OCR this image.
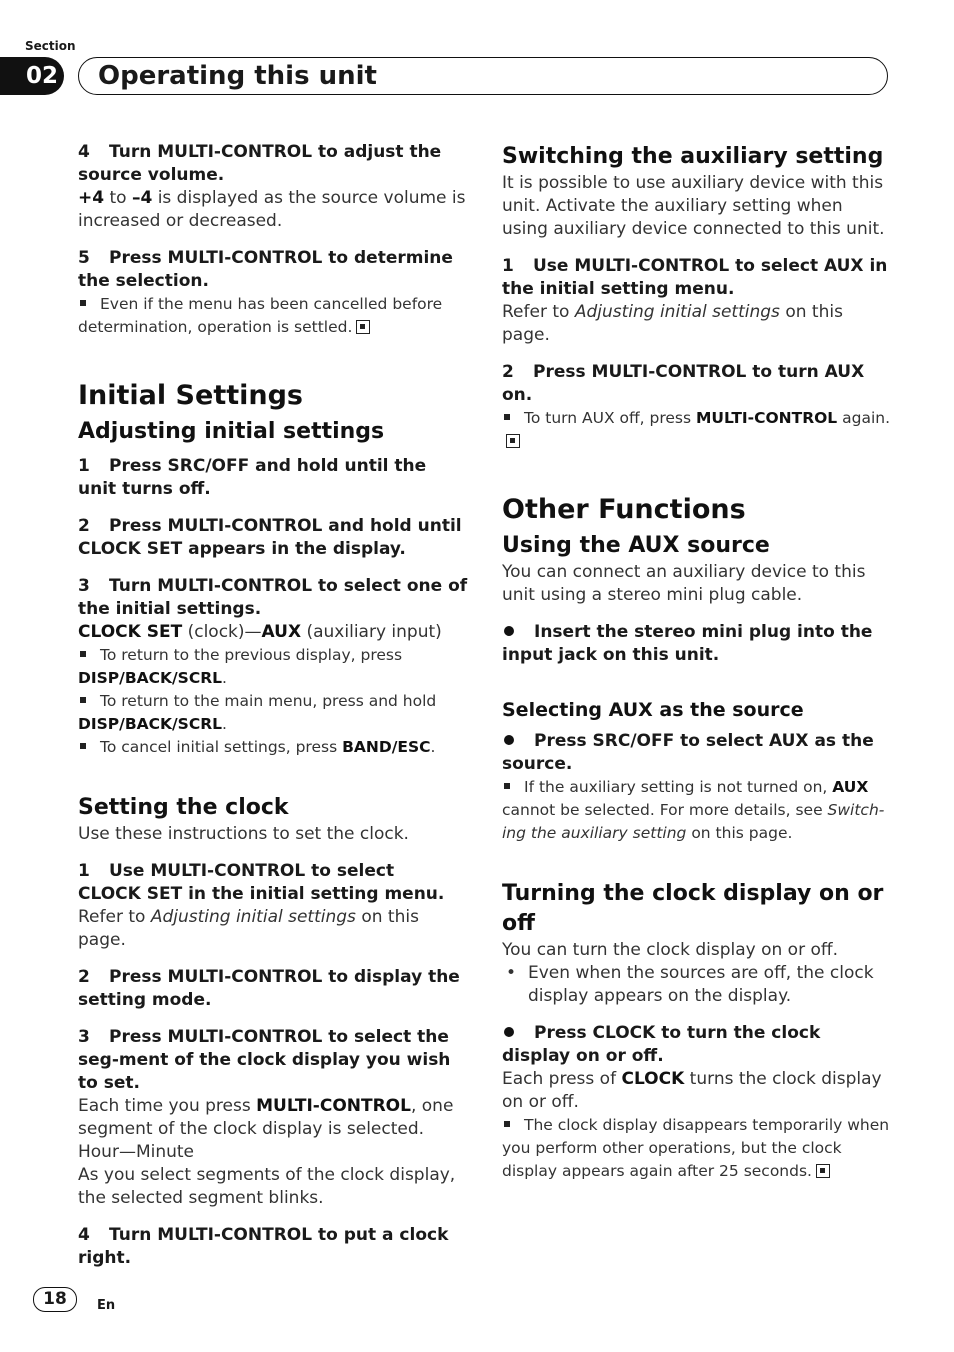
Section
02 Operating this unit

4 Turn MULTI-CONTROL to adjust the source volume.

+4 to –4 is displayed as the source volume is increased or decreased.

5 Press MULTI-CONTROL to determine the selection.

Even if the menu has been cancelled before determination, operation is settled.

Initial Settings
Adjusting initial settings

1 Press SRC/OFF and hold until the unit turns off.

2 Press MULTI-CONTROL and hold until CLOCK SET appears in the display.

3 Turn MULTI-CONTROL to select one of the initial settings.

CLOCK SET (clock)—AUX (auxiliary input)

To return to the previous display, press DISP/BACK/SCRL.

To return to the main menu, press and hold DISP/BACK/SCRL.

To cancel initial settings, press BAND/ESC.

Setting the clock

Use these instructions to set the clock.

1 Use MULTI-CONTROL to select
CLOCK SET in the initial setting menu.

Refer to Adjusting initial settings on this page.

2 Press MULTI-CONTROL to display the setting mode.

3 Press MULTI-CONTROL to select the seg-ment of the clock display you wish to set.

Each time you press MULTI-CONTROL, one segment of the clock display is selected.

Hour—Minute

As you select segments of the clock display, the selected segment blinks.

4 Turn MULTI-CONTROL to put a clock right.

Switching the auxiliary setting

It is possible to use auxiliary device with this unit. Activate the auxiliary setting when using auxiliary device connected to this unit.

1 Use MULTI-CONTROL to select AUX in the initial setting menu.

Refer to Adjusting initial settings on this page.

2 Press MULTI-CONTROL to turn AUX on.

To turn AUX off, press MULTI-CONTROL again.

Other Functions
Using the AUX source

You can connect an auxiliary device to this unit using a stereo mini plug cable.

Insert the stereo mini plug into the input jack on this unit.

Selecting AUX as the source

Press SRC/OFF to select AUX as the source.

If the auxiliary setting is not turned on, AUX cannot be selected. For more details, see Switch-ing the auxiliary setting on this page.

Turning the clock display on or off

You can turn the clock display on or off.

• Even when the sources are off, the clock display appears on the display.

Press CLOCK to turn the clock display on or off.

Each press of CLOCK turns the clock display on or off.

The clock display disappears temporarily when you perform other operations, but the clock display appears again after 25 seconds.

18	En
